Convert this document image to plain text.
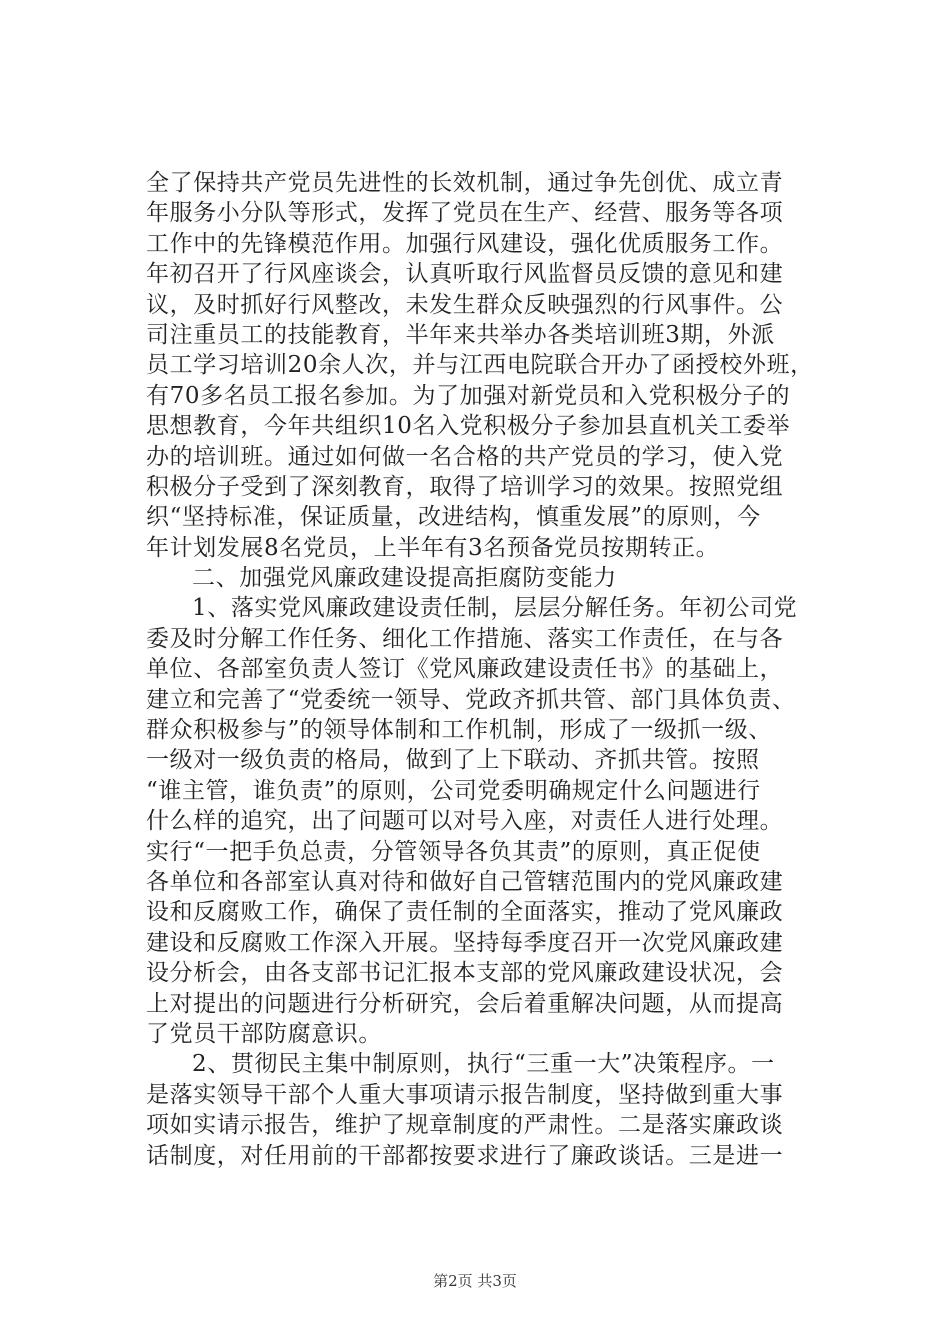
全了保持共产党员先进性的长效机制，通过争先创优、成立青
年服务小分队等形式，发挥了党员在生产、经营、服务等各项
工作中的先锋模范作用。加强行风建设，强化优质服务工作。
年初召开了行风座谈会，认真听取行风监督员反馈的意见和建
议，及时抓好行风整改，未发生群众反映强烈的行风事件。公
司注重员工的技能教育，半年来共举办各类培训班3期，外派
员工学习培训20余人次，并与江西电院联合开办了函授校外班，
有70多名员工报名参加。为了加强对新党员和入党积极分子的
思想教育，今年共组织10名入党积极分子参加县直机关工委举
办的培训班。通过如何做一名合格的共产党员的学习，使入党
积极分子受到了深刻教育，取得了培训学习的效果。按照党组
织“坚持标准，保证质量，改进结构，慎重发展”的原则，今
年计划发展8名党员，上半年有3名预备党员按期转正。
二、加强党风廉政建设提高拒腐防变能力
1、落实党风廉政建设责任制，层层分解任务。年初公司党
委及时分解工作任务、细化工作措施、落实工作责任，在与各
单位、各部室负责人签订《党风廉政建设责任书》的基础上，
建立和完善了“党委统一领导、党政齐抓共管、部门具体负责、
群众积极参与”的领导体制和工作机制，形成了一级抓一级、
一级对一级负责的格局，做到了上下联动、齐抓共管。按照
“谁主管，谁负责”的原则，公司党委明确规定什么问题进行
什么样的追究，出了问题可以对号入座，对责任人进行处理。
实行“一把手负总责，分管领导各负其责”的原则，真正促使
各单位和各部室认真对待和做好自己管辖范围内的党风廉政建
设和反腐败工作，确保了责任制的全面落实，推动了党风廉政
建设和反腐败工作深入开展。坚持每季度召开一次党风廉政建
设分析会，由各支部书记汇报本支部的党风廉政建设状况，会
上对提出的问题进行分析研究，会后着重解决问题，从而提高
了党员干部防腐意识。
2、贯彻民主集中制原则，执行“三重一大”决策程序。一
是落实领导干部个人重大事项请示报告制度，坚持做到重大事
项如实请示报告，维护了规章制度的严肃性。二是落实廉政谈
话制度，对任用前的干部都按要求进行了廉政谈话。三是进一
第2页 共3页
